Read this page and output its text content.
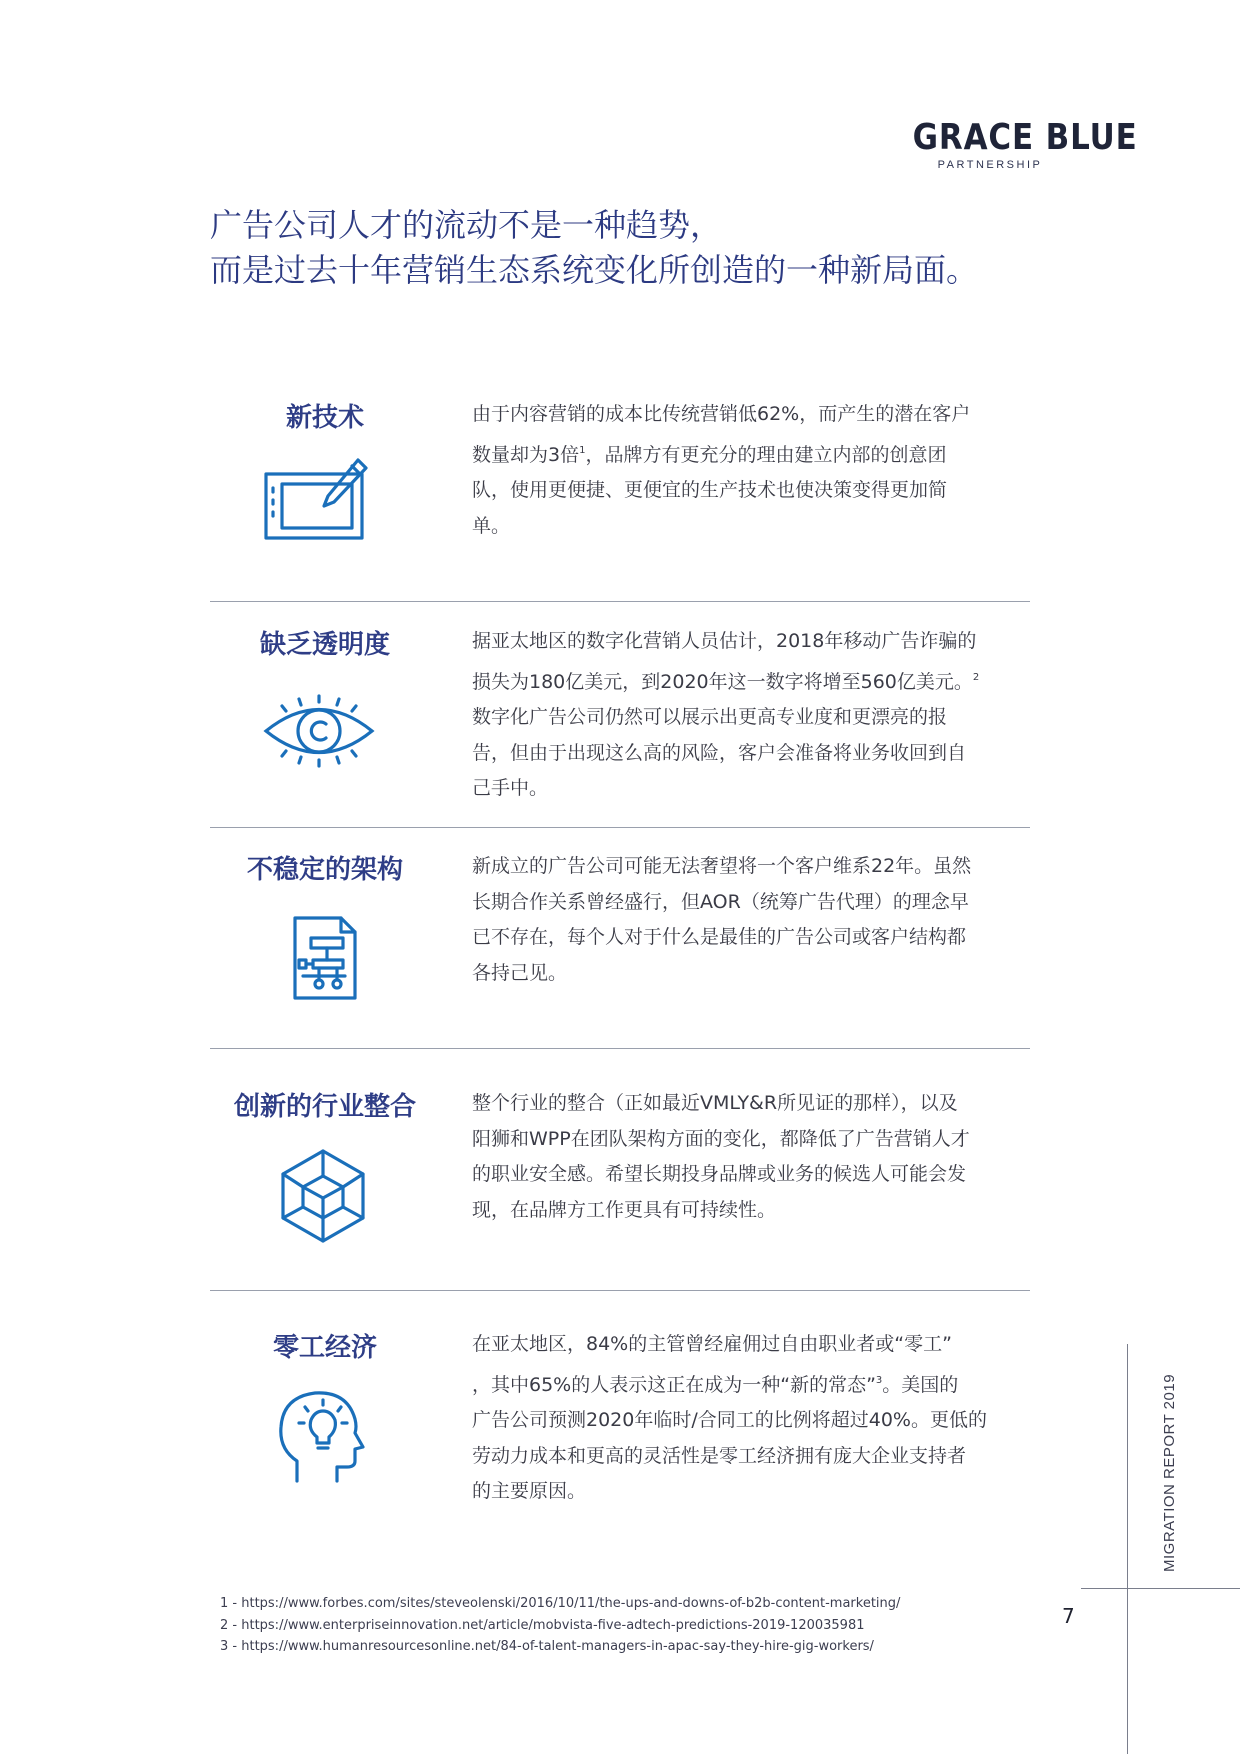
GRACE BLUE
PARTNERSHIP
广告公司人才的流动不是一种趋势，
而是过去十年营销生态系统变化所创造的一种新局面。
新技术	由于内容营销的成本比传统营销低62%，而产生的潜在客户
数量却为3倍$^1$，品牌方有更充分的理由建立内部的创意团
队，使用更便捷、更便宜的生产技术也使决策变得更加简
单。
缺乏透明度	据亚太地区的数字化营销人员估计，2018年移动广告诈骗的
损失为180亿美元，到2020年这一数字将增至560亿美元。$^2$
数字化广告公司仍然可以展示出更高专业度和更漂亮的报
告，但由于出现这么高的风险，客户会准备将业务收回到自
己手中。
不稳定的架构	新成立的广告公司可能无法奢望将一个客户维系22年。虽然
长期合作关系曾经盛行，但AOR（统筹广告代理）的理念早
已不存在，每个人对于什么是最佳的广告公司或客户结构都
各持己见。
创新的行业整合	整个行业的整合（正如最近VMLY&R所见证的那样），以及
阳狮和WPP在团队架构方面的变化，都降低了广告营销人才
的职业安全感。希望长期投身品牌或业务的候选人可能会发
现，在品牌方工作更具有可持续性。
零工经济	在亚太地区，84%的主管曾经雇佣过自由职业者或“零工”
，其中65%的人表示这正在成为一种“新的常态”$^3$。美国的
广告公司预测2020年临时/合同工的比例将超过40%。更低的
劳动力成本和更高的灵活性是零工经济拥有庞大企业支持者
的主要原因。
1 - https://www.forbes.com/sites/steveolenski/2016/10/11/the-ups-and-downs-of-b2b-content-marketing/
2 - https://www.enterpriseinnovation.net/article/mobvista-five-adtech-predictions-2019-120035981
3 - https://www.humanresourcesonline.net/84-of-talent-managers-in-apac-say-they-hire-gig-workers/
MIGRATION REPORT 2019
7
